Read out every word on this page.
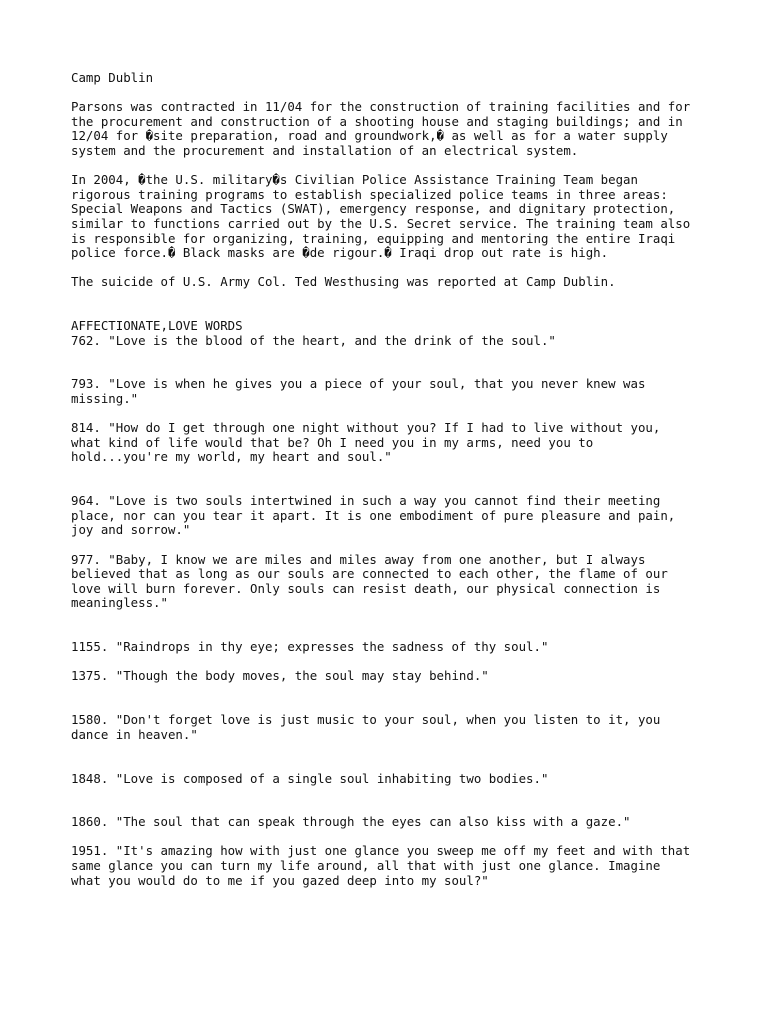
Camp Dublin
Parsons was contracted in 11/04 for the construction of training facilities and for
the procurement and construction of a shooting house and staging buildings; and in
12/04 for �site preparation, road and groundwork,� as well as for a water supply
system and the procurement and installation of an electrical system.
In 2004, �the U.S. military�s Civilian Police Assistance Training Team began
rigorous training programs to establish specialized police teams in three areas:
Special Weapons and Tactics (SWAT), emergency response, and dignitary protection,
similar to functions carried out by the U.S. Secret service. The training team also
is responsible for organizing, training, equipping and mentoring the entire Iraqi
police force.� Black masks are �de rigour.� Iraqi drop out rate is high.
The suicide of U.S. Army Col. Ted Westhusing was reported at Camp Dublin.
AFFECTIONATE,LOVE WORDS
762. "Love is the blood of the heart, and the drink of the soul."
793. "Love is when he gives you a piece of your soul, that you never knew was
missing."
814. "How do I get through one night without you? If I had to live without you,
what kind of life would that be? Oh I need you in my arms, need you to
hold...you're my world, my heart and soul."
964. "Love is two souls intertwined in such a way you cannot find their meeting
place, nor can you tear it apart. It is one embodiment of pure pleasure and pain,
joy and sorrow."
977. "Baby, I know we are miles and miles away from one another, but I always
believed that as long as our souls are connected to each other, the flame of our
love will burn forever. Only souls can resist death, our physical connection is
meaningless."
1155. "Raindrops in thy eye; expresses the sadness of thy soul."
1375. "Though the body moves, the soul may stay behind."
1580. "Don't forget love is just music to your soul, when you listen to it, you
dance in heaven."
1848. "Love is composed of a single soul inhabiting two bodies."
1860. "The soul that can speak through the eyes can also kiss with a gaze."
1951. "It's amazing how with just one glance you sweep me off my feet and with that
same glance you can turn my life around, all that with just one glance. Imagine
what you would do to me if you gazed deep into my soul?"
